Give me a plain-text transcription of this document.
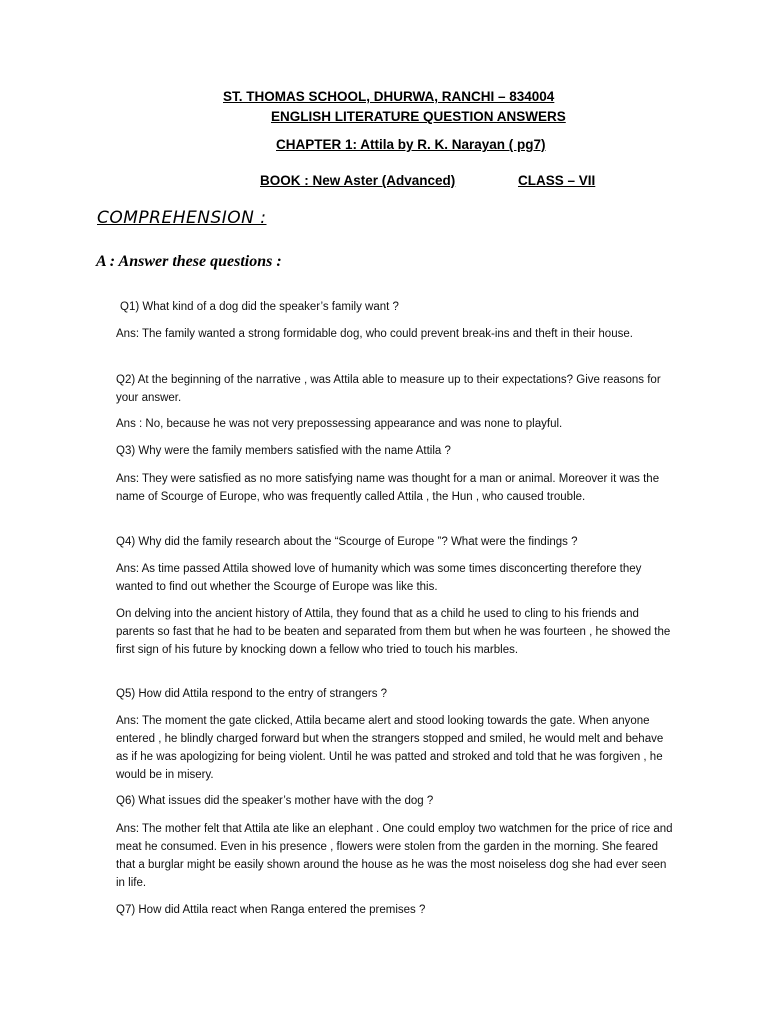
ST. THOMAS SCHOOL, DHURWA, RANCHI – 834004
ENGLISH LITERATURE QUESTION ANSWERS
CHAPTER 1: Attila by R. K. Narayan ( pg7)
BOOK : New Aster (Advanced)	CLASS – VII
COMPREHENSION :
A : Answer these questions :

Q1) What kind of a dog did the speaker’s family want ?

Ans: The family wanted a strong formidable dog, who could prevent break-ins and theft in their house.

Q2) At the beginning of the narrative , was Attila able to measure up to their expectations? Give reasons for your answer.

Ans : No, because he was not very prepossessing appearance and was none to playful.

Q3) Why were the family members satisfied with the name Attila ?

Ans: They were satisfied as no more satisfying name was thought for a man or animal. Moreover it was the name of Scourge of Europe, who was frequently called Attila , the Hun , who caused trouble.

Q4) Why did the family research about the “Scourge of Europe ”? What were the findings ?

Ans: As time passed Attila showed love of humanity which was some times disconcerting therefore they wanted to find out whether the Scourge of Europe was like this.

On delving into the ancient history of Attila, they found that as a child he used to cling to his friends and parents so fast that he had to be beaten and separated from them but when he was fourteen , he showed the first sign of his future by knocking down a fellow who tried to touch his marbles.

Q5) How did Attila respond to the entry of strangers ?

Ans: The moment the gate clicked, Attila became alert and stood looking towards the gate. When anyone entered , he blindly charged forward but when the strangers stopped and smiled, he would melt and behave as if he was apologizing for being violent. Until he was patted and stroked and told that he was forgiven , he would be in misery.

Q6) What issues did the speaker’s mother have with the dog ?

Ans: The mother felt that Attila ate like an elephant . One could employ two watchmen for the price of rice and meat he consumed. Even in his presence , flowers were stolen from the garden in the morning. She feared that a burglar might be easily shown around the house as he was the most noiseless dog she had ever seen in life.

Q7) How did Attila react when Ranga entered the premises ?
